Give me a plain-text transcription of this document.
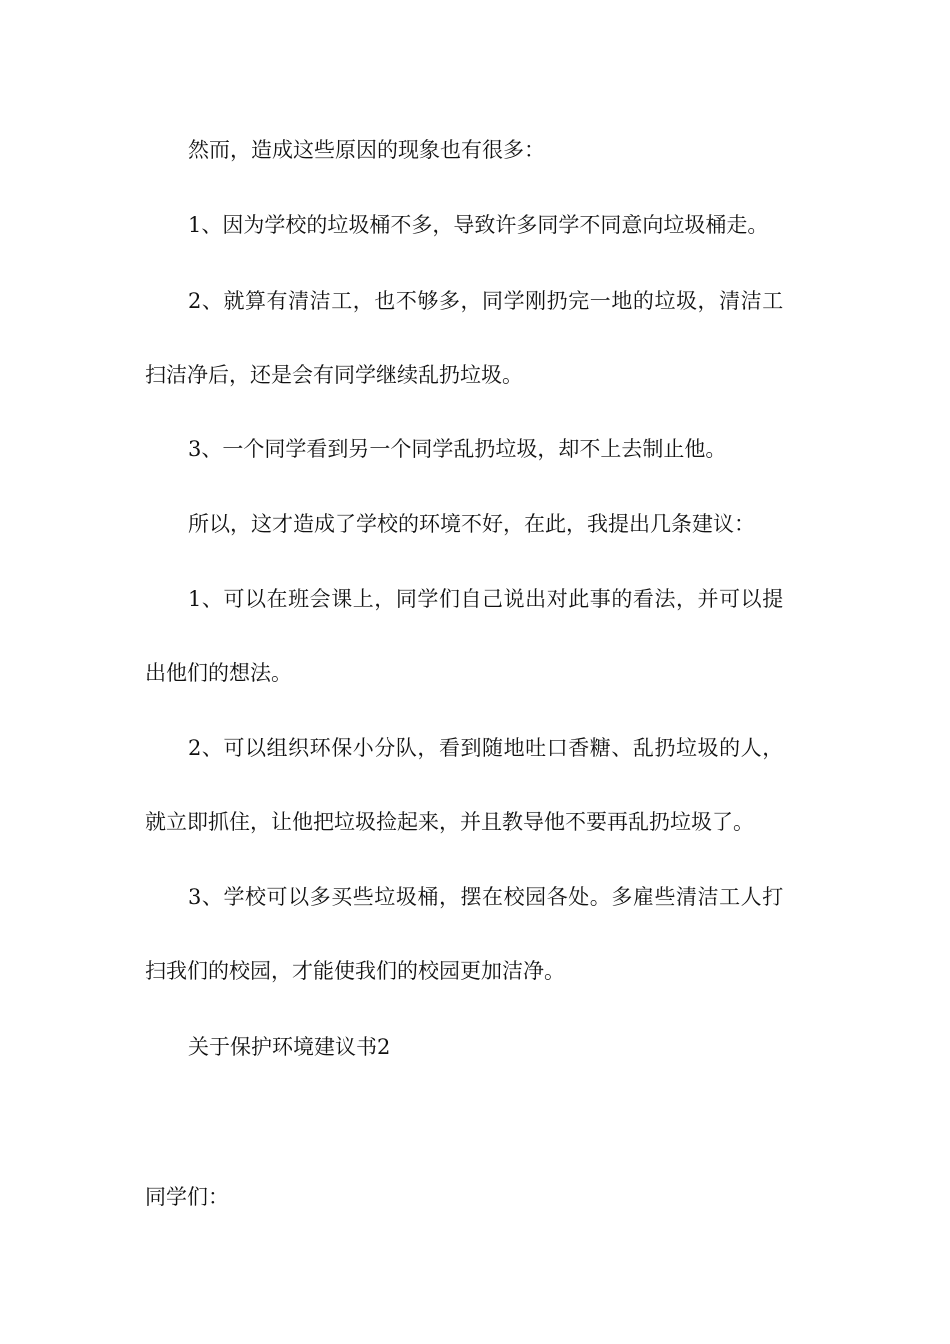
然而，造成这些原因的现象也有很多：
1、因为学校的垃圾桶不多，导致许多同学不同意向垃圾桶走。
2、就算有清洁工，也不够多，同学刚扔完一地的垃圾，清洁工
扫洁净后，还是会有同学继续乱扔垃圾。
3、一个同学看到另一个同学乱扔垃圾，却不上去制止他。
所以，这才造成了学校的环境不好，在此，我提出几条建议：
1、可以在班会课上，同学们自己说出对此事的看法，并可以提
出他们的想法。
2、可以组织环保小分队，看到随地吐口香糖、乱扔垃圾的人，
就立即抓住，让他把垃圾捡起来，并且教导他不要再乱扔垃圾了。
3、学校可以多买些垃圾桶，摆在校园各处。多雇些清洁工人打
扫我们的校园，才能使我们的校园更加洁净。
关于保护环境建议书2
同学们：
